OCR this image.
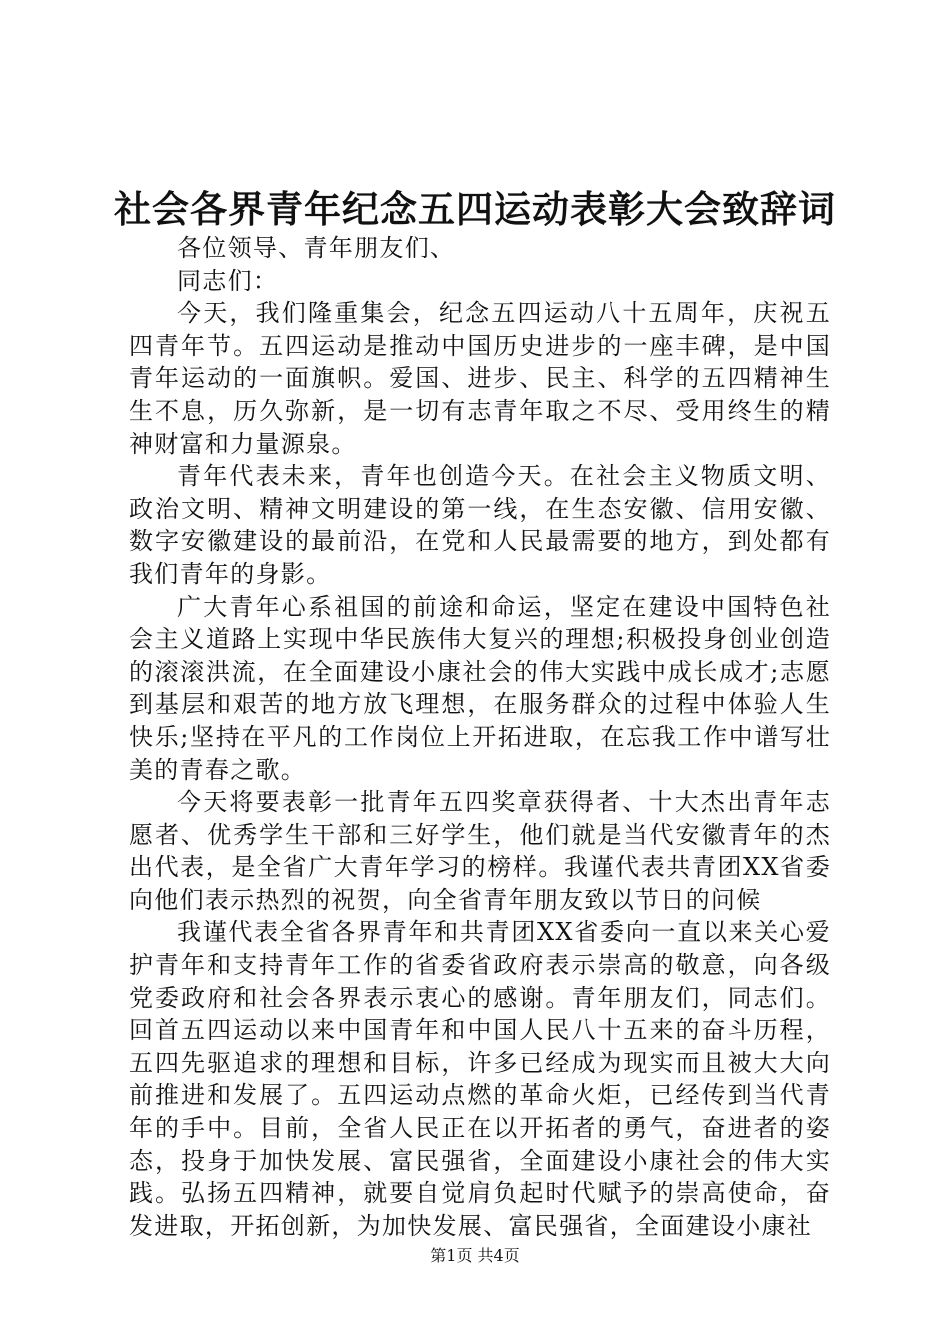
社会各界青年纪念五四运动表彰大会致辞词

各位领导、青年朋友们、

同志们：

今天，我们隆重集会，纪念五四运动八十五周年，庆祝五四青年节。五四运动是推动中国历史进步的一座丰碑，是中国青年运动的一面旗帜。爱国、进步、民主、科学的五四精神生生不息，历久弥新，是一切有志青年取之不尽、受用终生的精神财富和力量源泉。

青年代表未来，青年也创造今天。在社会主义物质文明、政治文明、精神文明建设的第一线，在生态安徽、信用安徽、数字安徽建设的最前沿，在党和人民最需要的地方，到处都有我们青年的身影。

广大青年心系祖国的前途和命运，坚定在建设中国特色社会主义道路上实现中华民族伟大复兴的理想;积极投身创业创造的滚滚洪流，在全面建设小康社会的伟大实践中成长成才;志愿到基层和艰苦的地方放飞理想，在服务群众的过程中体验人生快乐;坚持在平凡的工作岗位上开拓进取，在忘我工作中谱写壮美的青春之歌。

今天将要表彰一批青年五四奖章获得者、十大杰出青年志愿者、优秀学生干部和三好学生，他们就是当代安徽青年的杰出代表，是全省广大青年学习的榜样。我谨代表共青团XX省委向他们表示热烈的祝贺，向全省青年朋友致以节日的问候

我谨代表全省各界青年和共青团XX省委向一直以来关心爱护青年和支持青年工作的省委省政府表示崇高的敬意，向各级党委政府和社会各界表示衷心的感谢。青年朋友们，同志们。回首五四运动以来中国青年和中国人民八十五来的奋斗历程，五四先驱追求的理想和目标，许多已经成为现实而且被大大向前推进和发展了。五四运动点燃的革命火炬，已经传到当代青年的手中。目前，全省人民正在以开拓者的勇气，奋进者的姿态，投身于加快发展、富民强省，全面建设小康社会的伟大实践。弘扬五四精神，就要自觉肩负起时代赋予的崇高使命，奋发进取，开拓创新，为加快发展、富民强省，全面建设小康社

第1页 共4页
